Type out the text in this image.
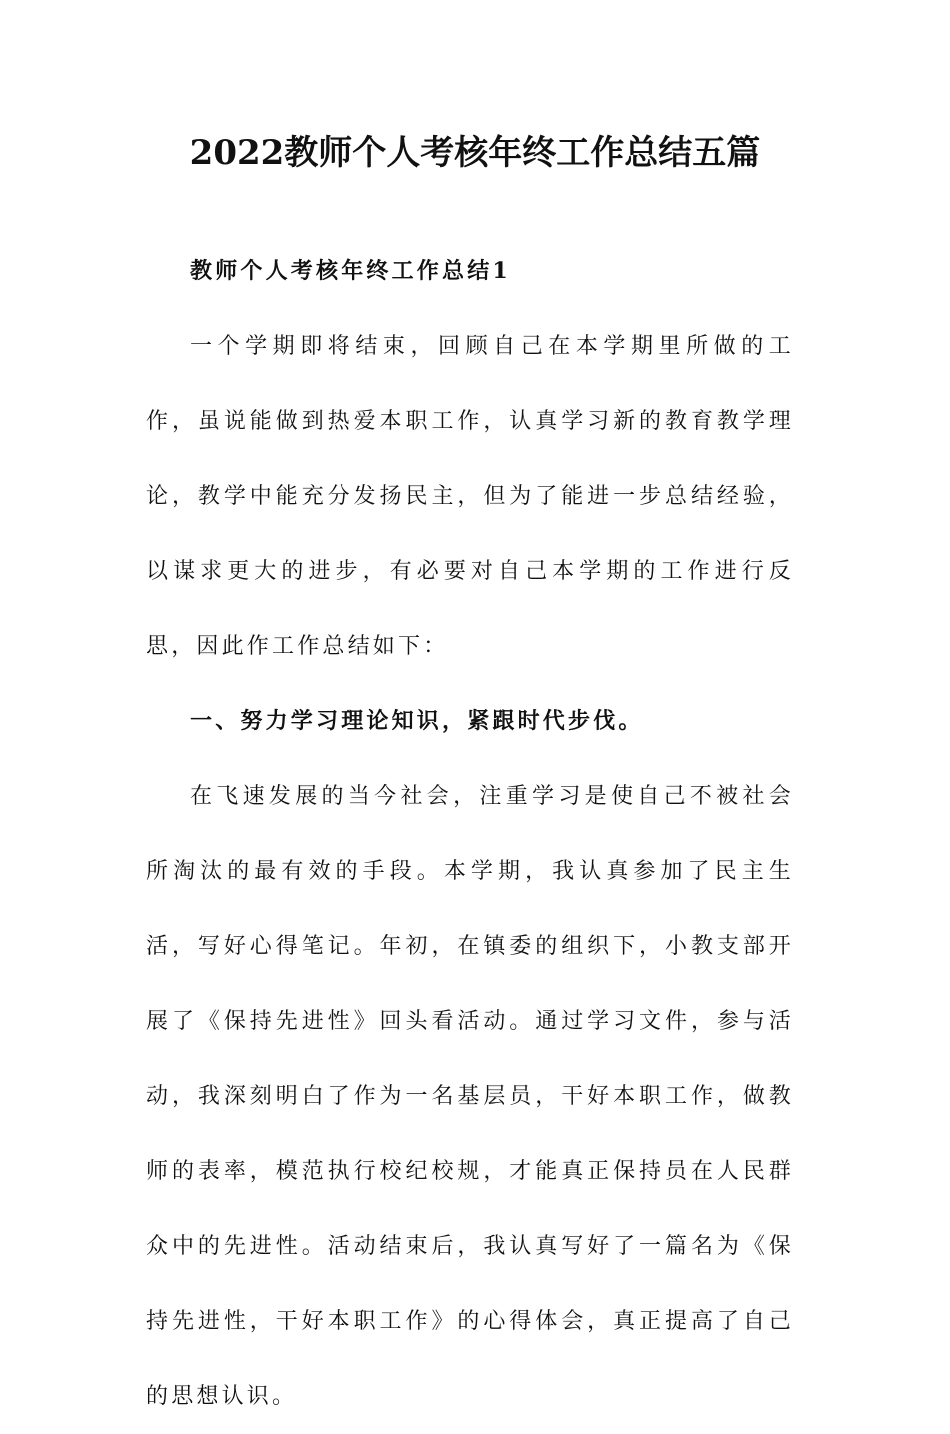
2022教师个人考核年终工作总结五篇

教师个人考核年终工作总结1

一个学期即将结束，回顾自己在本学期里所做的工作，虽说能做到热爱本职工作，认真学习新的教育教学理论，教学中能充分发扬民主，但为了能进一步总结经验，以谋求更大的进步，有必要对自己本学期的工作进行反思，因此作工作总结如下：

一、努力学习理论知识，紧跟时代步伐。

在飞速发展的当今社会，注重学习是使自己不被社会所淘汰的最有效的手段。本学期，我认真参加了民主生活，写好心得笔记。年初，在镇委的组织下，小教支部开展了《保持先进性》回头看活动。通过学习文件，参与活动，我深刻明白了作为一名基层员，干好本职工作，做教师的表率，模范执行校纪校规，才能真正保持员在人民群众中的先进性。活动结束后，我认真写好了一篇名为《保持先进性，干好本职工作》的心得体会，真正提高了自己的思想认识。
